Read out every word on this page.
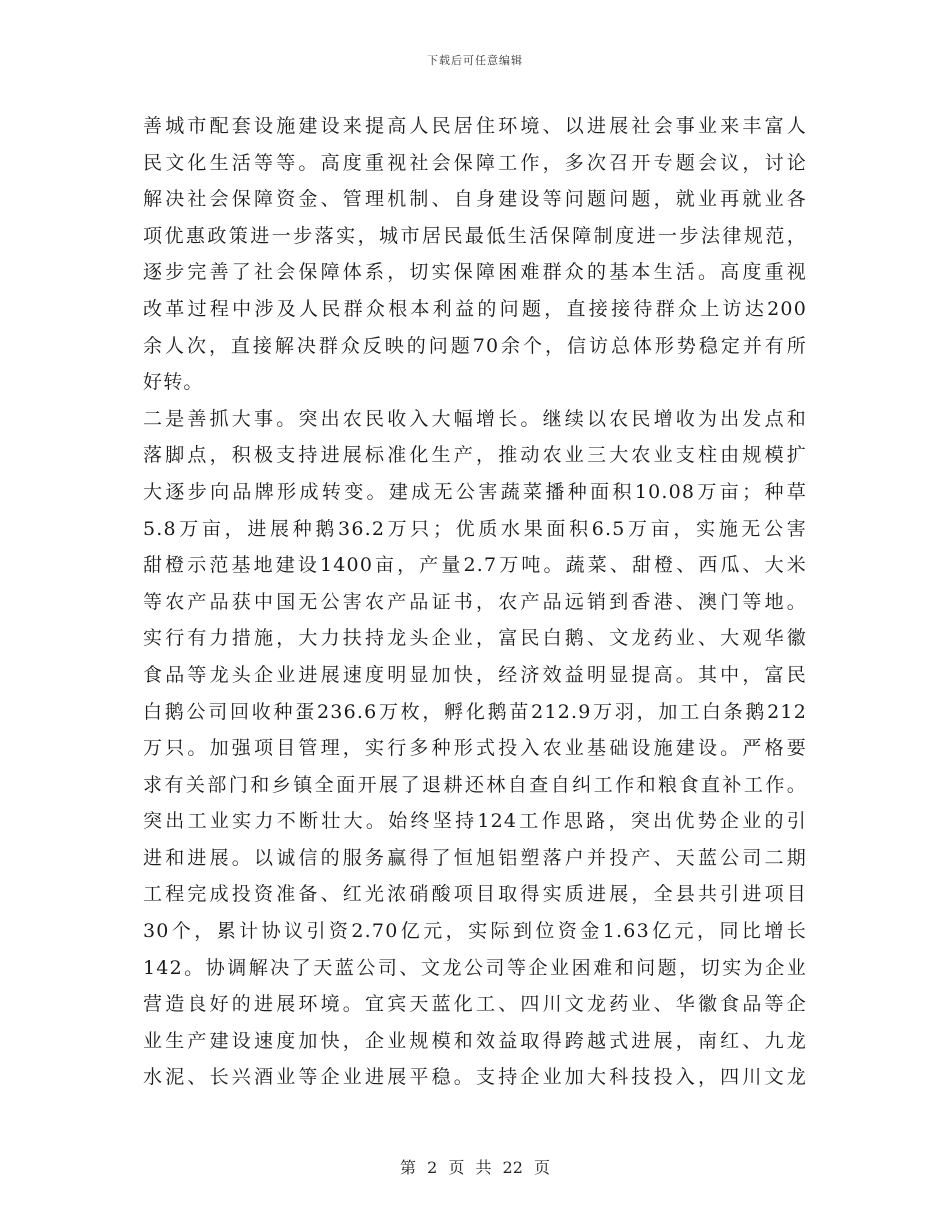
下载后可任意编辑
善城市配套设施建设来提高人民居住环境、以进展社会事业来丰富人
民文化生活等等。高度重视社会保障工作，多次召开专题会议，讨论
解决社会保障资金、管理机制、自身建设等问题问题，就业再就业各
项优惠政策进一步落实，城市居民最低生活保障制度进一步法律规范，
逐步完善了社会保障体系，切实保障困难群众的基本生活。高度重视
改革过程中涉及人民群众根本利益的问题，直接接待群众上访达200
余人次，直接解决群众反映的问题70余个，信访总体形势稳定并有所
好转。
二是善抓大事。突出农民收入大幅增长。继续以农民增收为出发点和
落脚点，积极支持进展标准化生产，推动农业三大农业支柱由规模扩
大逐步向品牌形成转变。建成无公害蔬菜播种面积10.08万亩；种草
5.8万亩，进展种鹅36.2万只；优质水果面积6.5万亩，实施无公害
甜橙示范基地建设1400亩，产量2.7万吨。蔬菜、甜橙、西瓜、大米
等农产品获中国无公害农产品证书，农产品远销到香港、澳门等地。
实行有力措施，大力扶持龙头企业，富民白鹅、文龙药业、大观华徽
食品等龙头企业进展速度明显加快，经济效益明显提高。其中，富民
白鹅公司回收种蛋236.6万枚，孵化鹅苗212.9万羽，加工白条鹅212
万只。加强项目管理，实行多种形式投入农业基础设施建设。严格要
求有关部门和乡镇全面开展了退耕还林自查自纠工作和粮食直补工作。
突出工业实力不断壮大。始终坚持124工作思路，突出优势企业的引
进和进展。以诚信的服务赢得了恒旭铝塑落户并投产、天蓝公司二期
工程完成投资准备、红光浓硝酸项目取得实质进展，全县共引进项目
30个，累计协议引资2.70亿元，实际到位资金1.63亿元，同比增长
142。协调解决了天蓝公司、文龙公司等企业困难和问题，切实为企业
营造良好的进展环境。宜宾天蓝化工、四川文龙药业、华徽食品等企
业生产建设速度加快，企业规模和效益取得跨越式进展，南红、九龙
水泥、长兴酒业等企业进展平稳。支持企业加大科技投入，四川文龙
第 2 页 共 22 页
